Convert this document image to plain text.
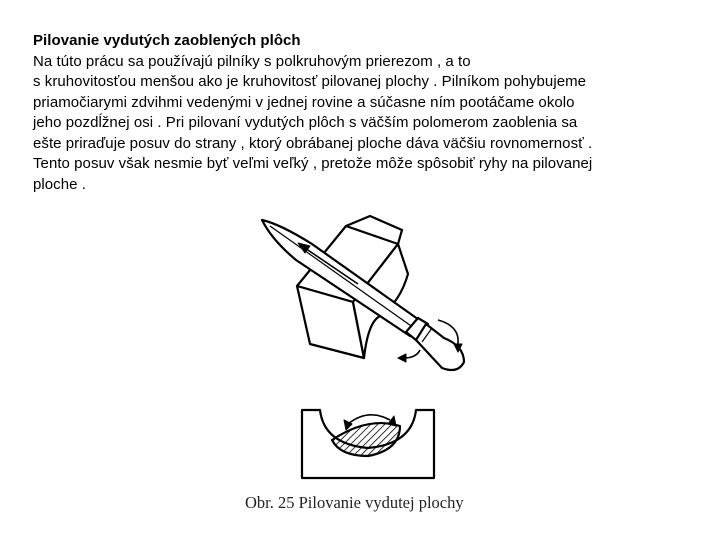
Pilovanie vydutých zaoblených plôch
Na túto prácu sa používajú pilníky s polkruhovým prierezom , a to
s kruhovitosťou menšou ako je kruhovitosť pilovanej plochy . Pilníkom pohybujeme
priamočiarymi zdvihmi vedenými v jednej rovine a súčasne ním pootáčame okolo
jeho pozdĺžnej osi . Pri pilovaní vydutých plôch s väčším polomerom zaoblenia sa
ešte priraďuje posuv do strany , ktorý obrábanej ploche dáva väčšiu rovnomernosť .
Tento posuv však nesmie byť veľmi veľký , pretože môže spôsobiť ryhy na pilovanej
ploche .
Obr. 25 Pilovanie vydutej plochy
